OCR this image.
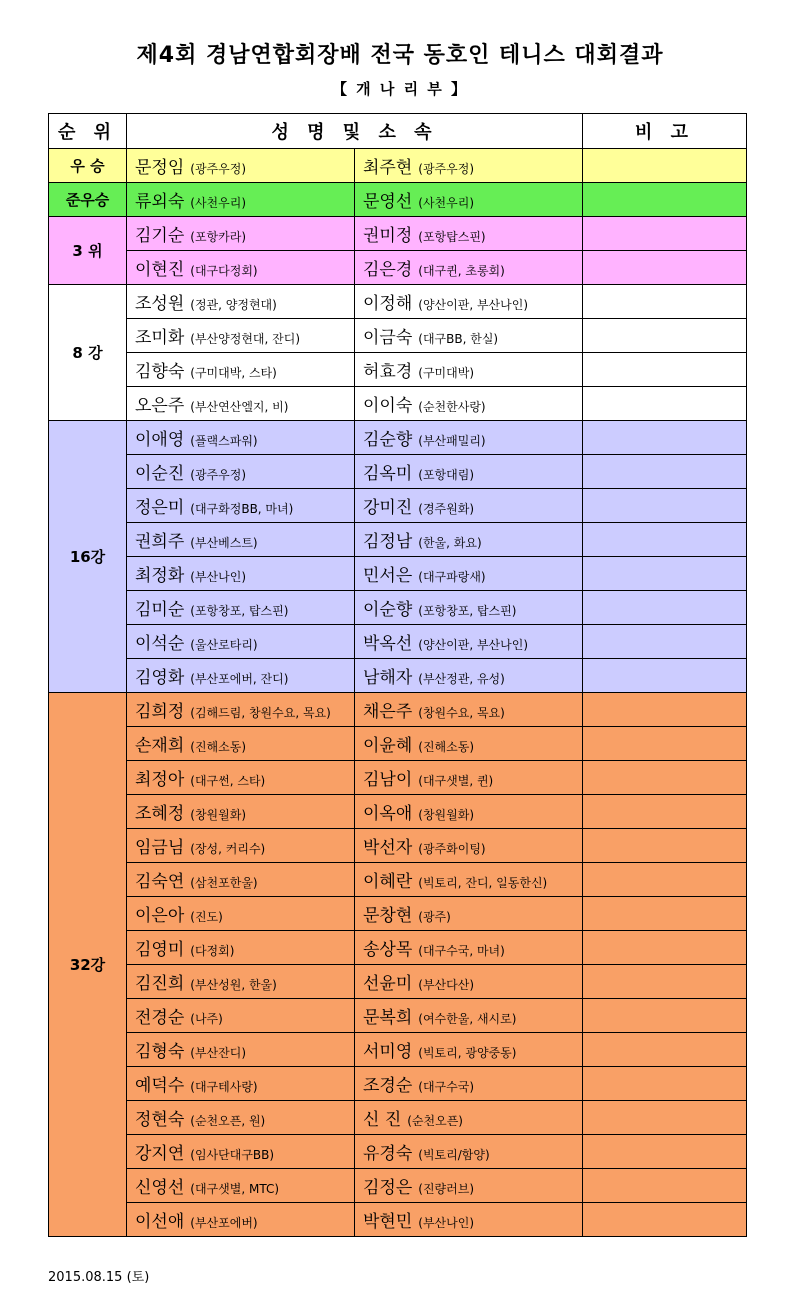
제4회 경남연합회장배 전국 동호인 테니스 대회결과
【 개 나 리 부 】
순 위	성 명 및 소 속		비 고
우 승	문정임 (광주우정)	최주현 (광주우정)	
준우승	류외숙 (사천우리)	문영선 (사천우리)	
3 위	김기순 (포항카라)	권미정 (포항탑스핀)	
	이현진 (대구다정회)	김은경 (대구퀸, 초롱회)	
8 강	조성원 (정관, 양정현대)	이정해 (양산이판, 부산나인)	
	조미화 (부산양정현대, 잔디)	이금숙 (대구BB, 한실)	
	김향숙 (구미대박, 스타)	허효경 (구미대박)	
	오은주 (부산연산엘지, 비)	이이숙 (순천한사랑)	
16강	이애영 (플랙스파워)	김순향 (부산패밀리)	
	이순진 (광주우정)	김옥미 (포항대림)	
	정은미 (대구화정BB, 마녀)	강미진 (경주원화)	
	권희주 (부산베스트)	김정남 (한울, 화요)	
	최정화 (부산나인)	민서은 (대구파랑새)	
	김미순 (포항창포, 탑스핀)	이순향 (포항창포, 탑스핀)	
	이석순 (울산로타리)	박옥선 (양산이판, 부산나인)	
	김영화 (부산포에버, 잔디)	남해자 (부산정관, 유성)	
32강	김희정 (김해드림, 창원수요, 목요)	채은주 (창원수요, 목요)	
	손재희 (진해소동)	이윤혜 (진해소동)	
	최정아 (대구썬, 스타)	김남이 (대구샛별, 퀸)	
	조혜정 (창원월화)	이옥애 (창원월화)	
	임금님 (장성, 커리수)	박선자 (광주화이팅)	
	김숙연 (삼천포한울)	이혜란 (빅토리, 잔디, 일동한신)	
	이은아 (진도)	문창현 (광주)	
	김영미 (다정회)	송상목 (대구수국, 마녀)	
	김진희 (부산성원, 한울)	선윤미 (부산다산)	
	전경순 (나주)	문복희 (여수한울, 새시로)	
	김형숙 (부산잔디)	서미영 (빅토리, 광양중동)	
	예덕수 (대구테사랑)	조경순 (대구수국)	
	정현숙 (순천오픈, 원)	신 진 (순천오픈)	
	강지연 (임사단대구BB)	유경숙 (빅토리/함양)	
	신영선 (대구샛별, MTC)	김정은 (진량러브)	
	이선애 (부산포에버)	박현민 (부산나인)	
2015.08.15 (토)
